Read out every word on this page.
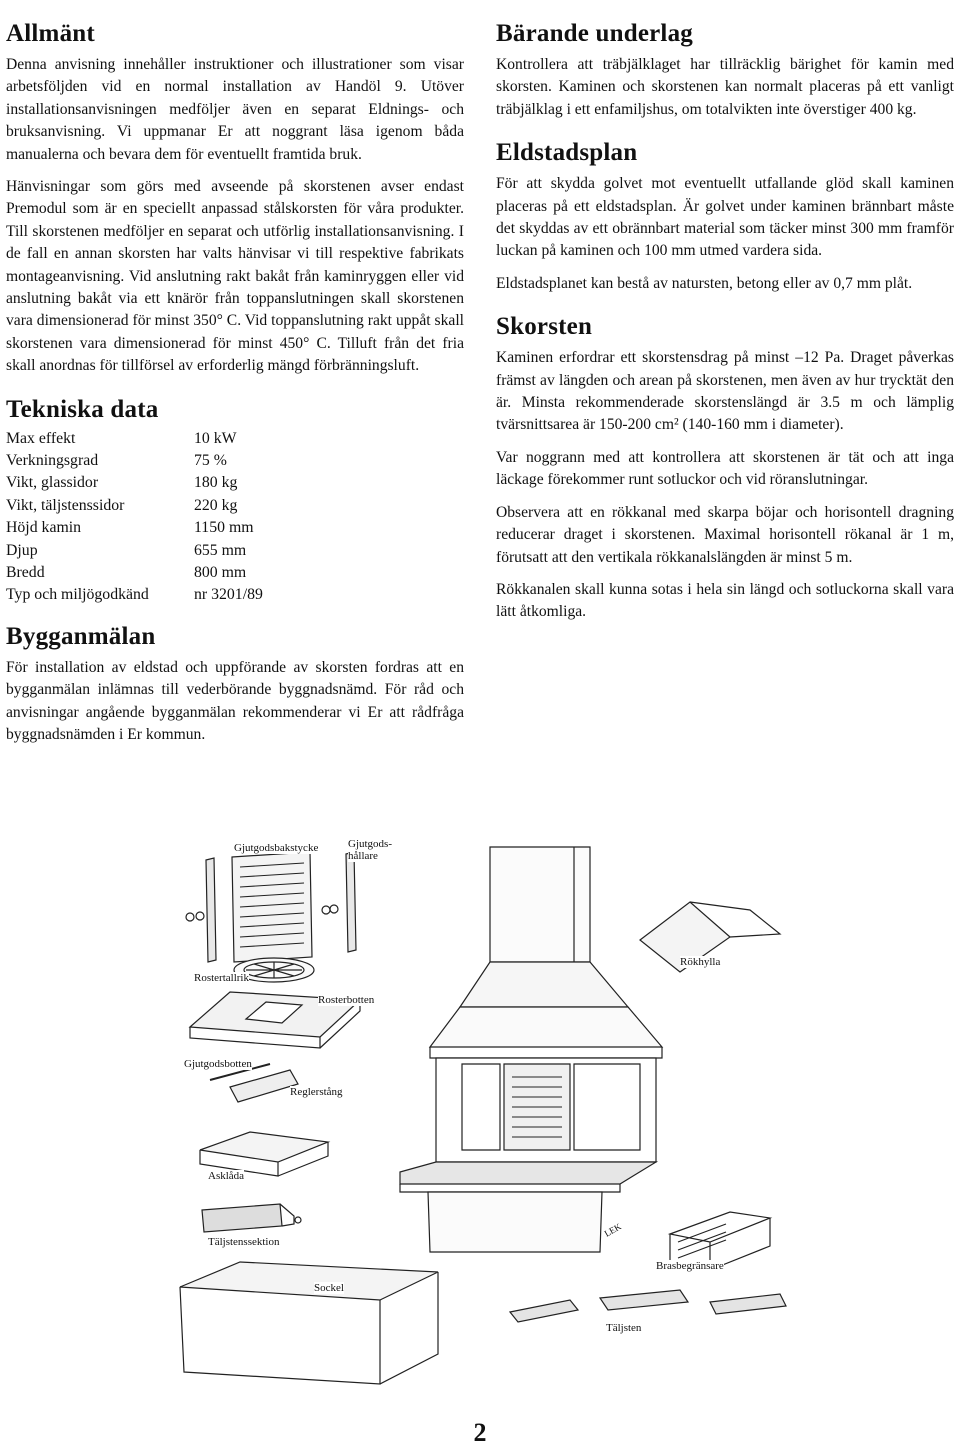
Allmänt

Denna anvisning innehåller instruktioner och illustrationer som visar arbetsföljden vid en normal installation av Handöl 9. Utöver installationsanvisningen medföljer även en separat Eldnings- och bruksanvisning. Vi uppmanar Er att noggrant läsa igenom båda manualerna och bevara dem för eventuellt framtida bruk.

Hänvisningar som görs med avseende på skorstenen avser endast Premodul som är en speciellt anpassad stålskorsten för våra produkter. Till skorstenen medföljer en separat och utförlig installationsanvisning. I de fall en annan skorsten har valts hänvisar vi till respektive fabrikats montageanvisning. Vid anslutning rakt bakåt från kaminryggen eller vid anslutning bakåt via ett knärör från toppanslutningen skall skorstenen vara dimensionerad för minst 350° C. Vid toppanslutning rakt uppåt skall skorstenen vara dimensionerad för minst 450° C. Tilluft från det fria skall anordnas för tillförsel av erforderlig mängd förbränningsluft.

Tekniska data
Max effekt	10 kW
Verkningsgrad	75 %
Vikt, glassidor	180 kg
Vikt, täljstenssidor	220 kg
Höjd kamin	1150 mm
Djup	655 mm
Bredd	800 mm
Typ och miljögodkänd	nr 3201/89
Bygganmälan

För installation av eldstad och uppförande av skorsten fordras att en bygganmälan inlämnas till vederbörande byggnadsnämd. För råd och anvisningar angående bygganmälan rekommenderar vi Er att rådfråga byggnadsnämden i Er kommun.

Bärande underlag

Kontrollera att träbjälklaget har tillräcklig bärighet för kamin med skorsten. Kaminen och skorstenen kan normalt placeras på ett vanligt träbjälklag i ett enfamiljshus, om totalvikten inte överstiger 400 kg.

Eldstadsplan

För att skydda golvet mot eventuellt utfallande glöd skall kaminen placeras på ett eldstadsplan. Är golvet under kaminen brännbart måste det skyddas av ett obrännbart material som täcker minst 300 mm framför luckan på kaminen och 100 mm utmed vardera sida.

Eldstadsplanet kan bestå av natursten, betong eller av 0,7 mm plåt.

Skorsten

Kaminen erfordrar ett skorstensdrag på minst –12 Pa. Draget påverkas främst av längden och arean på skorstenen, men även av hur trycktät den är. Minsta rekommenderade skorstenslängd är 3.5 m och lämplig tvärsnittsarea är 150-200 cm² (140-160 mm i diameter).

Var noggrann med att kontrollera att skorstenen är tät och att inga läckage förekommer runt sotluckor och vid röranslutningar.

Observera att en rökkanal med skarpa böjar och horisontell dragning reducerar draget i skorstenen. Maximal horisontell rökanal är 1 m, förutsatt att den vertikala rökkanalslängden är minst 5 m.

Rökkanalen skall kunna sotas i hela sin längd och sotluckorna skall vara lätt åtkomliga.

Gjutgodsbakstycke	Gjutgods-
hållare
Rökhylla
Rostertallrik
Rosterbotten
Gjutgodsbotten
Reglerstång
Asklåda
Täljstenssektion
Brasbegränsare
Sockel
Täljsten
LEK
2
